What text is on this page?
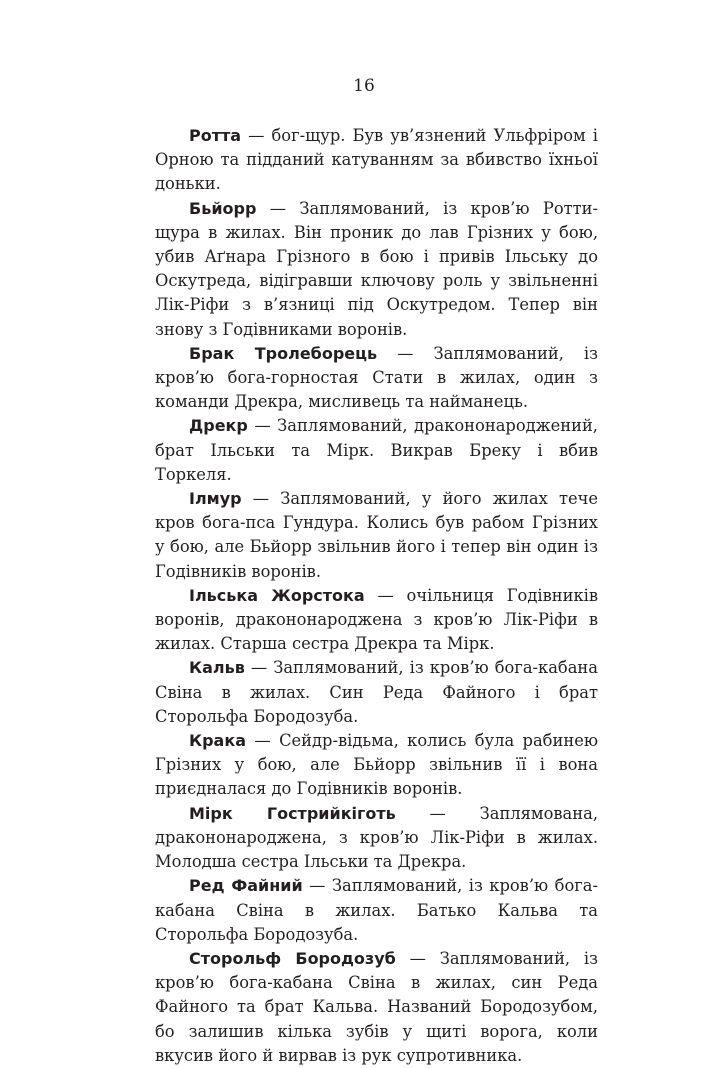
16

Ротта — бог-щур. Був ув’язнений Ульфріром і Орною та підданий катуванням за вбивство їхньої доньки.

Бьйорр — Заплямований, із кров’ю Ротти-щура в жилах. Він проник до лав Грізних у бою, убив Аґнара Грізного в бою і привів Ільську до Оскутреда, відігравши ключову роль у звільненні Лік-Ріфи з в’язниці під Оскутредом. Тепер він знову з Годівниками воронів.

Брак Тролеборець — Заплямований, із кров’ю бога-горностая Стати в жилах, один з команди Дрекра, мисливець та найманець.

Дрекр — Заплямований, дракононароджений, брат Ільськи та Мірк. Викрав Бреку і вбив Торкеля.

Ілмур — Заплямований, у його жилах тече кров бога-пса Гундура. Колись був рабом Грізних у бою, але Бьйорр звільнив його і тепер він один із Годівників воронів.

Ільська Жорстока — очільниця Годівників воронів, дракононароджена з кров’ю Лік-Ріфи в жилах. Старша сестра Дрекра та Мірк.

Кальв — Заплямований, із кров’ю бога-кабана Свіна в жилах. Син Реда Файного і брат Сторольфа Бородозуба.

Крака — Сейдр-відьма, колись була рабинею Грізних у бою, але Бьйорр звільнив її і вона приєдналася до Годівників воронів.

Мірк Гострийкіготь — Заплямована, дракононароджена, з кров’ю Лік-Ріфи в жилах. Молодша сестра Ільськи та Дрекра.

Ред Файний — Заплямований, із кров’ю бога-кабана Свіна в жилах. Батько Кальва та Сторольфа Бородозуба.

Сторольф Бородозуб — Заплямований, із кров’ю бога-кабана Свіна в жилах, син Реда Файного та брат Кальва. Названий Бородозубом, бо залишив кілька зубів у щиті ворога, коли вкусив його й вирвав із рук супротивника.
